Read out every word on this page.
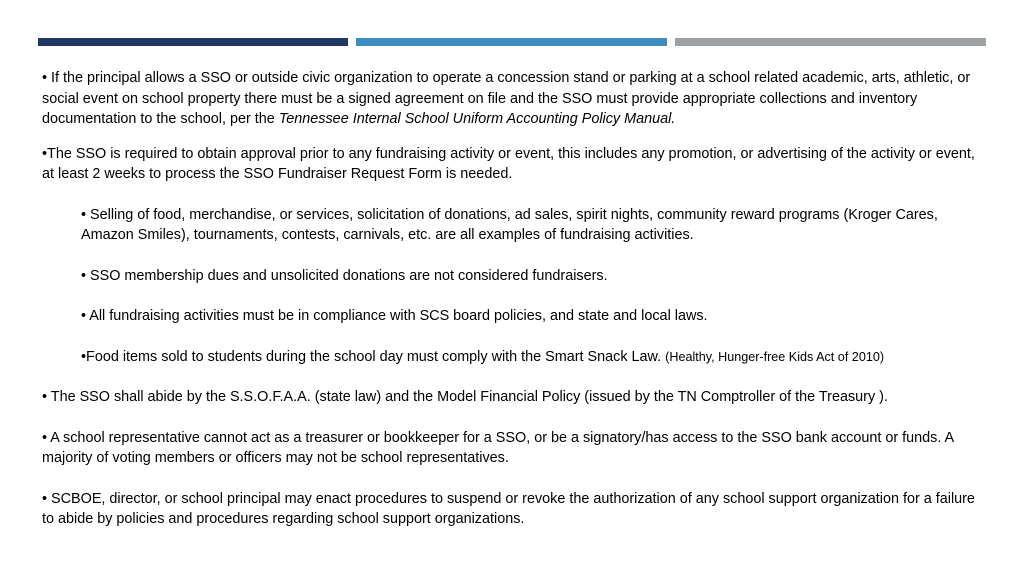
• If the principal allows a SSO or outside civic organization to operate a concession stand or parking at a school related academic, arts, athletic, or social event on school property there must be a signed agreement on file and the SSO must provide appropriate collections and inventory documentation to the school, per the Tennessee Internal School Uniform Accounting Policy Manual.

•The SSO is required to obtain approval prior to any fundraising activity or event, this includes any promotion, or advertising of the activity or event, at least 2 weeks to process the SSO Fundraiser Request Form is needed.

• Selling of food, merchandise, or services, solicitation of donations, ad sales, spirit nights, community reward programs (Kroger Cares, Amazon Smiles), tournaments, contests, carnivals, etc. are all examples of fundraising activities.

• SSO membership dues and unsolicited donations are not considered fundraisers.

• All fundraising activities must be in compliance with SCS board policies, and state and local laws.

•Food items sold to students during the school day must comply with the Smart Snack Law. (Healthy, Hunger-free Kids Act of 2010)

• The SSO shall abide by the S.S.O.F.A.A. (state law) and the Model Financial Policy (issued by the TN Comptroller of the Treasury ).

• A school representative cannot act as a treasurer or bookkeeper for a SSO, or be a signatory/has access to the SSO bank account or funds. A majority of voting members or officers may not be school representatives.

• SCBOE, director, or school principal may enact procedures to suspend or revoke the authorization of any school support organization for a failure to abide by policies and procedures regarding school support organizations.
